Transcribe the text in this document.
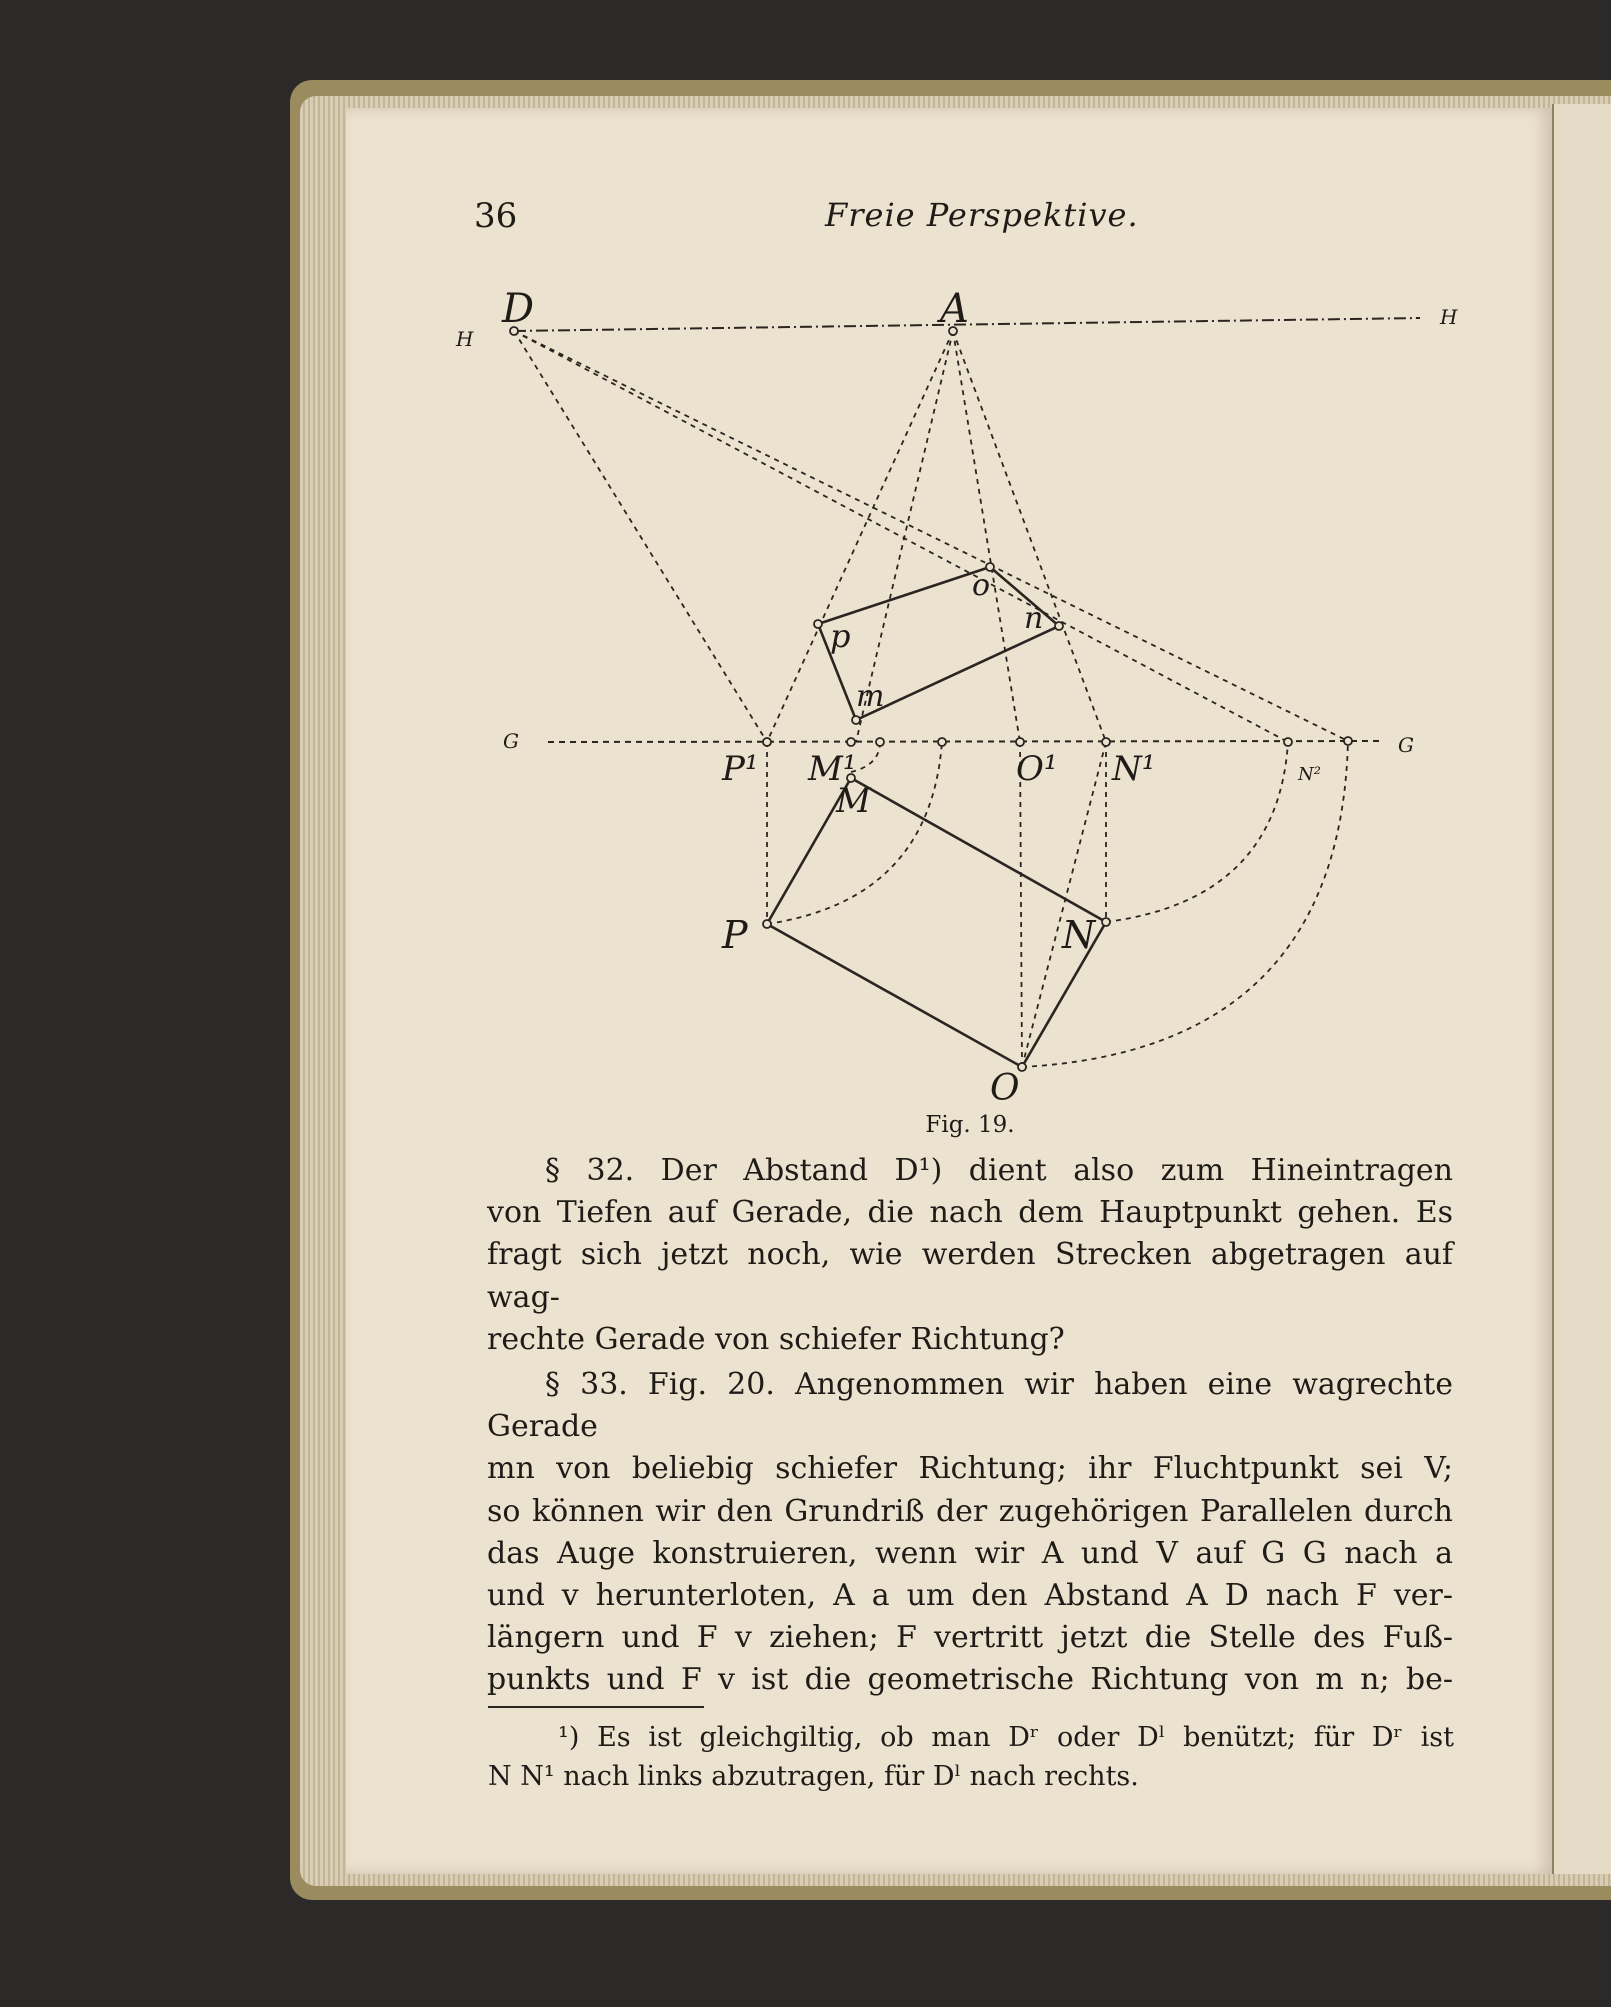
36	Freie Perspektive.
H
D	A	H
o
p	n
m
G
P¹ M¹	O¹ N¹	N²
G
M
P	N
O
Fig. 19.
§ 32. Der Abstand D¹) dient also zum Hineintragen
von Tiefen auf Gerade, die nach dem Hauptpunkt gehen. Es
fragt sich jetzt noch, wie werden Strecken abgetragen auf wag-
rechte Gerade von schiefer Richtung?
§ 33. Fig. 20. Angenommen wir haben eine wagrechte Gerade
mn von beliebig schiefer Richtung; ihr Fluchtpunkt sei V;
so können wir den Grundriß der zugehörigen Parallelen durch
das Auge konstruieren, wenn wir A und V auf G G nach a
und v herunterloten, A a um den Abstand A D nach F ver-
längern und F v ziehen; F vertritt jetzt die Stelle des Fuß-
punkts und F v ist die geometrische Richtung von m n; be-
¹) Es ist gleichgiltig, ob man Dʳ oder Dˡ benützt; für Dʳ ist
N N¹ nach links abzutragen, für Dˡ nach rechts.
